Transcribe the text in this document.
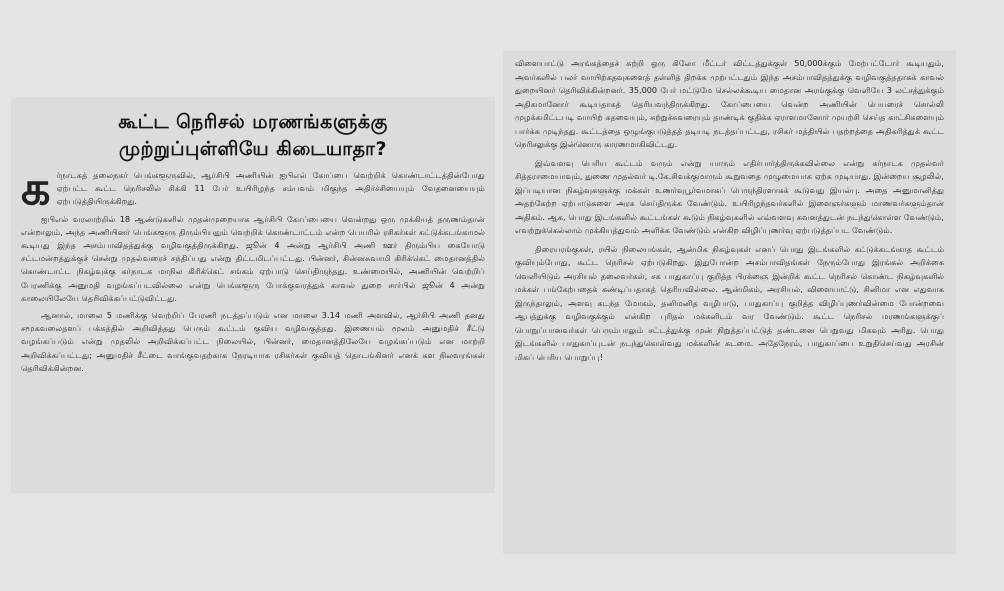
கூட்ட நெரிசல் மரணங்களுக்கு
முற்றுப்புள்ளியே கிடையாதா?

க ர்நாடகத் தலைநகர் பெங்களூருவில், ஆர்சிபி அணியின் ஐபிஎல் கோப்பை வெற்றிக் கொண்டாட்டத்தின்போது ஏற்பட்ட கூட்ட நெரிசலில் சிக்கி 11 பேர் உயிரிழந்த சம்பவம் மிகுந்த அதிர்ச்சியையும் வேதனையையும் ஏற்படுத்தியிருக்கிறது.

ஐபிஎல் வரலாற்றில் 18 ஆண்டுகளில் முதன்முறையாக ஆர்சிபி கோப்பையை வென்றது ஒரு முக்கியத் தருணம்தான் என்றாலும், அந்த அணியினர் பெங்களூரு திரும்பியதும் வெற்றிக் கொண்டாட்டம் என்ற பெயரில் ரசிகர்கள் கட்டுக்கடங்காமல் கூடியது இந்த அசம்பாவிதத்துக்கு வழிவகுத்திருக்கிறது. ஜூன் 4 அன்று ஆர்சிபி அணி ஊர் திரும்பிய கையோடு சட்டமன்றத்துக்குச் சென்று முதல்வரைச் சந்திப்பது என்று திட்டமிடப்பட்டது. பின்னர், சின்னசுவாமி கிரிக்கெட் மைதானத்தில் கொண்டாட்ட நிகழ்வுக்கு கர்நாடக மாநில கிரிக்கெட் சங்கம் ஏற்பாடு செய்திருந்தது. உண்மையில், அணியின் வெற்றிப் பேரணிக்கு அனுமதி வழங்கப்படவில்லை என்று பெங்களூரு போக்குவரத்துக் காவல் துறை சார்பில் ஜூன் 4 அன்று காலையிலேயே தெரிவிக்கப்பட்டுவிட்டது.

ஆனால், மாலை 5 மணிக்கு வெற்றிப் பேரணி நடத்தப்படும் என மாலை 3.14 மணி அளவில், ஆர்சிபி அணி தனது சமூகவலைதளப் பக்கத்தில் அறிவித்தது பெரும் கூட்டம் குவிய வழிவகுத்தது. இணையம் மூலம் அனுமதிச் சீட்டு வழங்கப்படும் என்று முதலில் அறிவிக்கப்பட்ட நிலையில், பின்னர், மைதானத்திலேயே வழங்கப்படும் என மாற்றி அறிவிக்கப்பட்டது; அனுமதிச் சீட்டை வாங்குவதற்காக நேரடியாக ரசிகர்கள் குவியத் தொடங்கினர் எனக் கள நிலவரங்கள் தெரிவிக்கின்றன.

விளையாட்டு அரங்கத்தைச் சுற்றி ஒரு கிலோ மீட்டர் விட்டத்துக்குள் 50,000க்கும் மேற்பட்டோர் கூடியதும், அவர்களில் பலர் வாயிற்கதவுகளைத் தள்ளித் திறக்க முற்பட்டதும் இந்த அசம்பாவிதத்துக்கு வழிவகுத்ததாகக் காவல் துறையினர் தெரிவிக்கின்றனர். 35,000 பேர் மட்டுமே செல்லக்கூடிய மைதான அரங்குக்கு வெளியே 3 லட்சத்துக்கும் அதிகமானோர் கூடியதாகத் தெரியவந்திருக்கிறது. கோப்பையை வென்ற அணியின் பெயரைச் சொல்லி முழக்கமிட்டபடி வாயிற் கதவையும், சுற்றுச்சுவரையும் தாண்டிக் குதிக்க ஏராளமானோர் முயற்சி செய்த காட்சிகளையும் பார்க்க முடிந்தது. கூட்டத்தை ஒழுங்குபடுத்தத் தடியடி நடத்தப்பட்டது, ரசிகர் மத்தியில் பதற்றத்தை அதிகரித்துக் கூட்ட நெரிசலுக்கு இன்னொரு காரணமாகிவிட்டது.

இவ்வளவு பெரிய கூட்டம் வரும் என்று யாரும் எதிர்பார்த்திருக்கவில்லை என்று கர்நாடக முதல்வர் சித்தராமையாவும், துணை முதல்வர் டி.கே.சிவக்குமாரும் கூறுவதை முழுமையாக ஏற்க முடியாது. இன்றைய சூழலில், இப்படியான நிகழ்வுகளுக்கு மக்கள் உணர்வுபூர்வமாகப் பெருந்திரளாகக் கூடுவது இயல்பு. அதை அனுமானித்து அதற்கேற்ற ஏற்பாடுகளை அரசு செய்திருக்க வேண்டும். உயிரிழந்தவர்களில் இளைஞர்களும் மாணவர்களும்தான் அதிகம். ஆக, பொது இடங்களில் கூட்டங்கள் கூடும் நிகழ்வுகளில் எவ்வளவு கவனத்துடன் நடந்துகொள்ள வேண்டும், எவற்றுக்கெல்லாம் முக்கியத்துவம் அளிக்க வேண்டும் என்கிற விழிப்புணர்வு ஏற்படுத்தப்பட வேண்டும்.

திரையரங்குகள், ரயில் நிலையங்கள், ஆன்மிக நிகழ்வுகள் எனப் பொது இடங்களில் கட்டுக்கடங்காத கூட்டம் குவியும்போது, கூட்ட நெரிசல் ஏற்படுகிறது. இதுபோன்ற அசம்பாவிதங்கள் நேரும்போது இரங்கல் அறிக்கை வெளியிடும் அரசியல் தலைவர்கள், சக பாதுகாப்பு குறித்த பிரக்ஞை இன்றிக் கூட்ட நெரிசல் கொண்ட நிகழ்வுகளில் மக்கள் பங்கேற்பதைக் கண்டிப்பதாகத் தெரியவில்லை. ஆன்மிகம், அரசியல், விளையாட்டு, சினிமா என எதுவாக இருந்தாலும், அளவு கடந்த மோகம், தனிமனித வழிபாடு, பாதுகாப்பு குறித்த விழிப்புணர்வின்மை போன்றவை ஆபத்துக்கு வழிவகுக்கும் என்கிற புரிதல் மக்களிடம் வர வேண்டும். கூட்ட நெரிசல் மரணங்களுக்குப் பொறுப்பானவர்கள் பெரும்பாலும் சட்டத்துக்கு முன் நிறுத்தப்பட்டுத் தண்டனை பெறுவது மிகவும் அரிது. பொது இடங்களில் பாதுகாப்புடன் நடந்துகொள்வது மக்களின் கடமை. அதேநேரம், பாதுகாப்பை உறுதிசெய்வது அரசின் மிகப் பெரிய பொறுப்பு!
